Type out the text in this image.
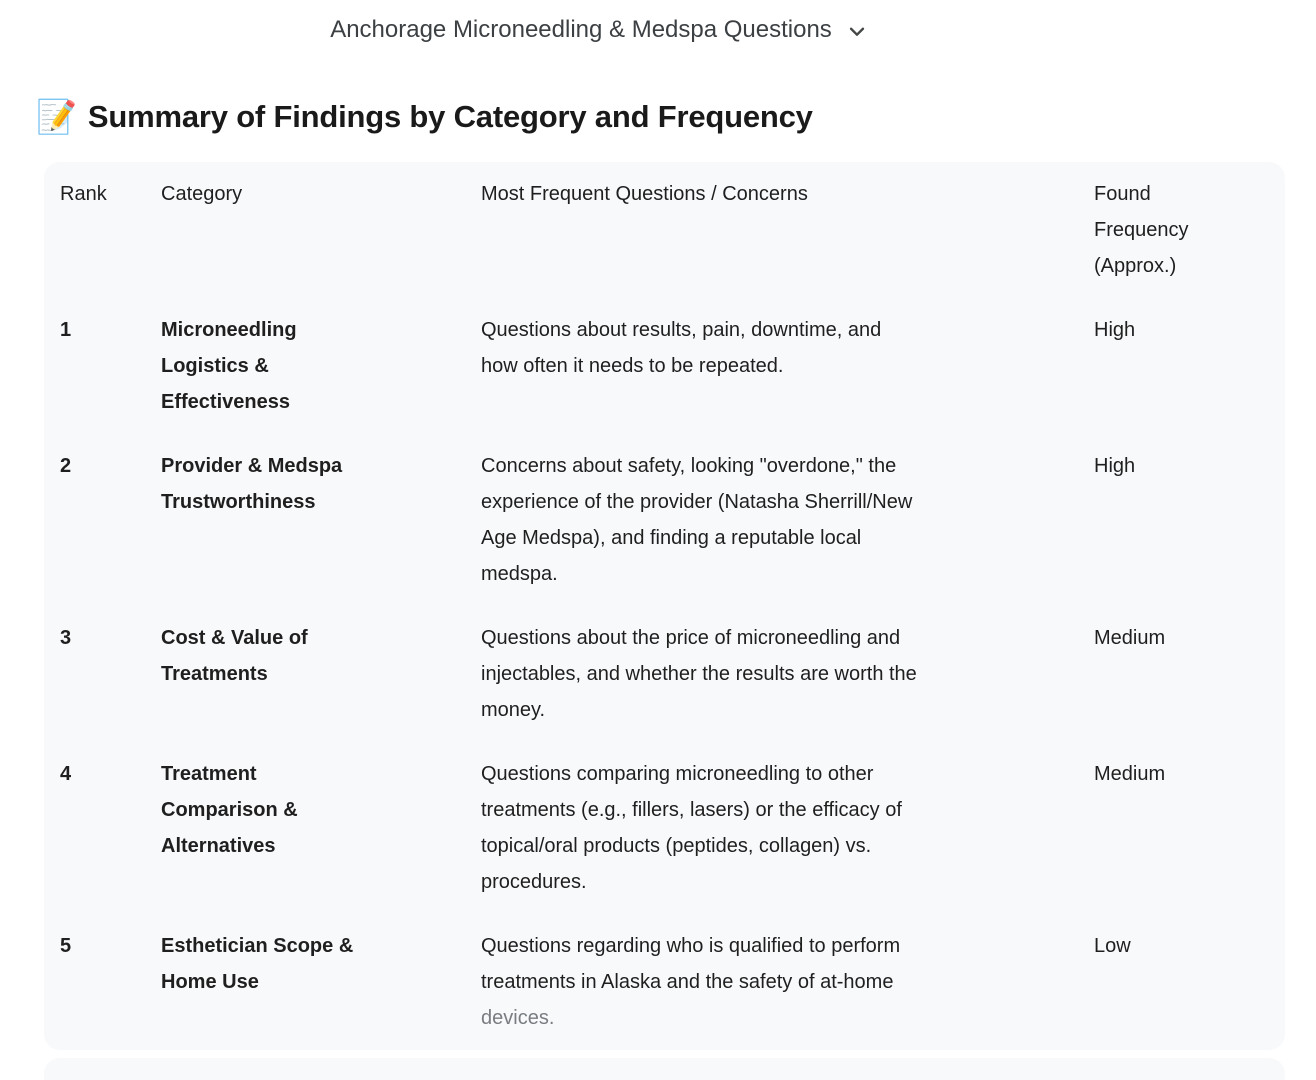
Anchorage Microneedling & Medspa Questions
📝 Summary of Findings by Category and Frequency
Rank	Category	Most Frequent Questions / Concerns	Found Frequency (Approx.)

1	Microneedling Logistics & Effectiveness	Questions about results, pain, downtime, and how often it needs to be repeated.	High
2	Provider & Medspa Trustworthiness	Concerns about safety, looking "overdone," the experience of the provider (Natasha Sherrill/New Age Medspa), and finding a reputable local medspa.	High
3	Cost & Value of Treatments	Questions about the price of microneedling and injectables, and whether the results are worth the money.	Medium
4	Treatment Comparison & Alternatives	Questions comparing microneedling to other treatments (e.g., fillers, lasers) or the efficacy of topical/oral products (peptides, collagen) vs. procedures.	Medium
5	Esthetician Scope & Home Use	Questions regarding who is qualified to perform treatments in Alaska and the safety of at-home devices.	Low
